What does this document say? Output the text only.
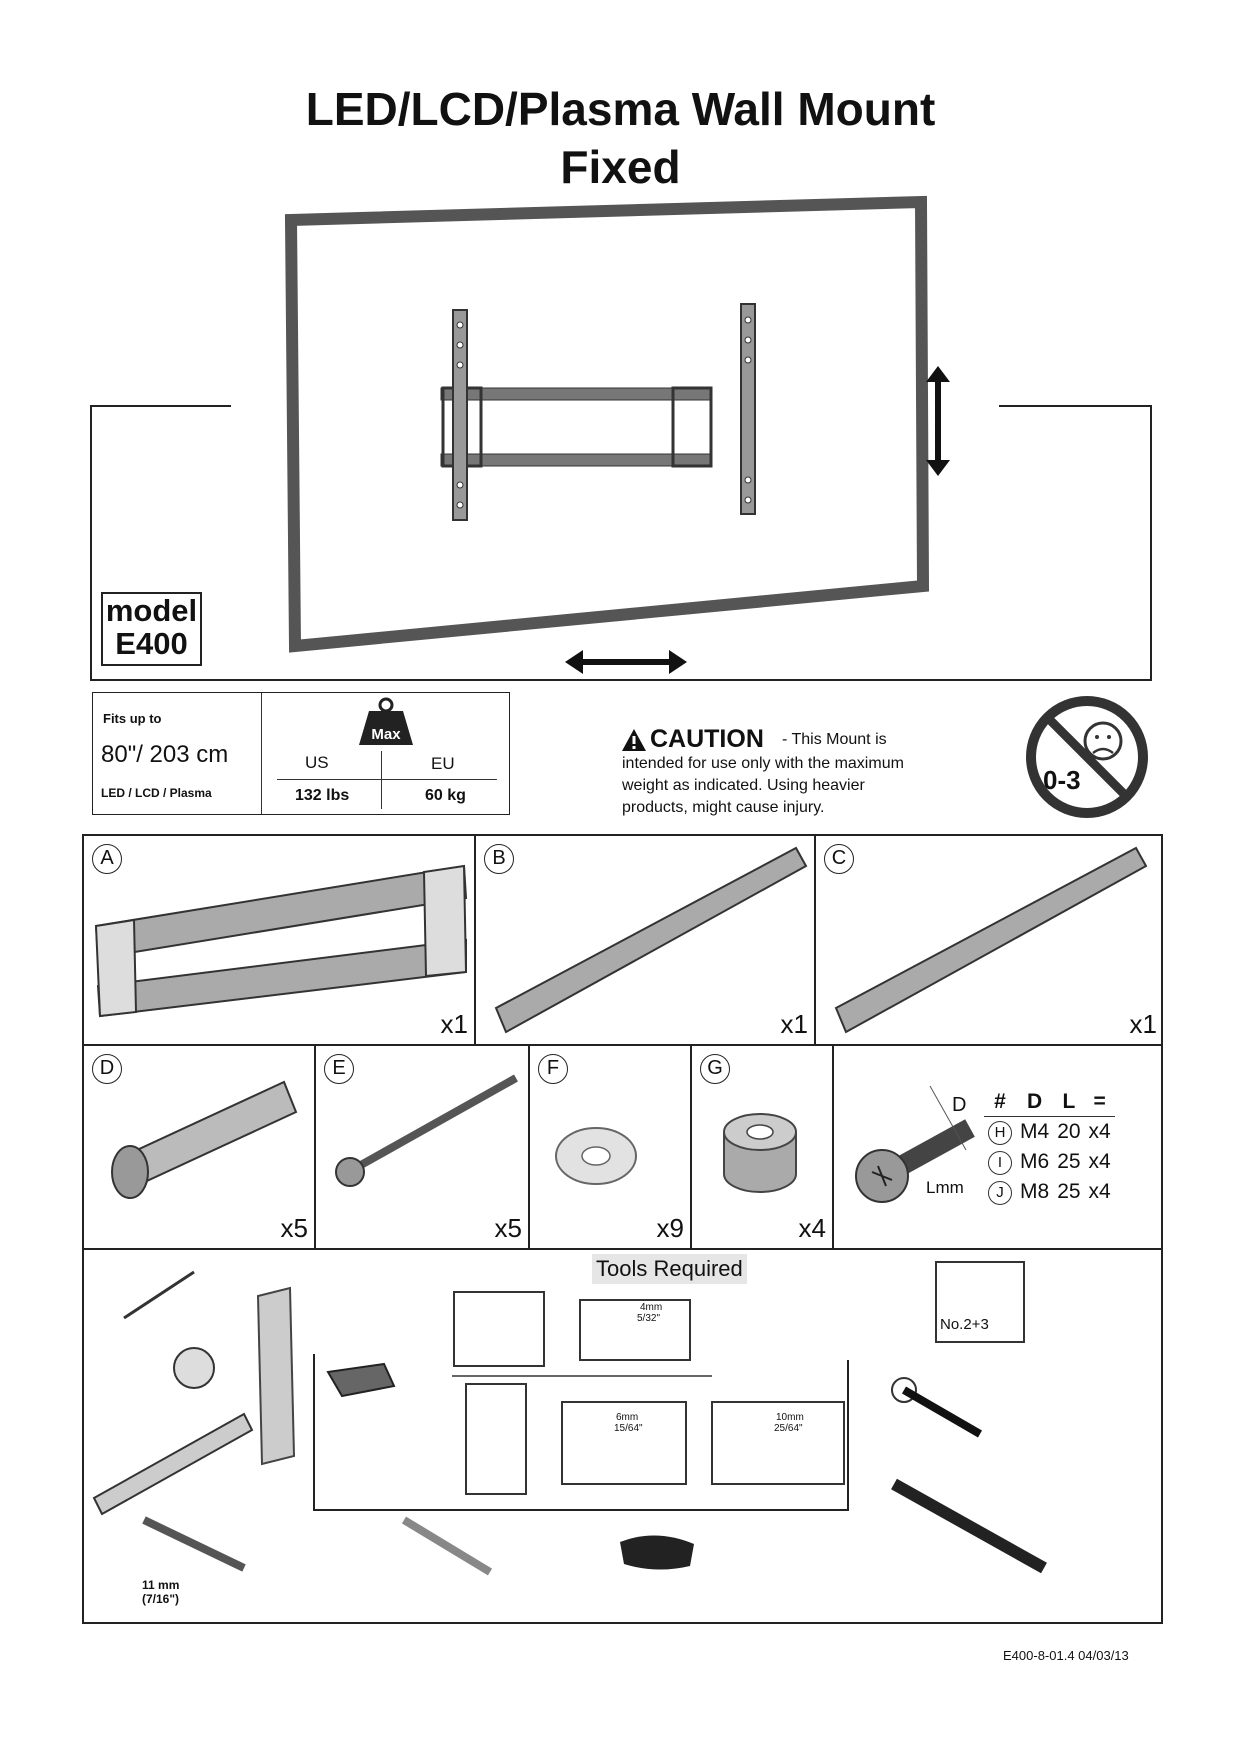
LED/LCD/Plasma Wall Mount
Fixed
model
E400
Fits up to
80"/ 203 cm
LED / LCD / Plasma
Max
US	EU
132 lbs	60 kg
CAUTION - This Mount is
intended for use only with the maximum
weight as indicated. Using heavier
products, might cause injury.
0-3
A
x1
B
x1
C
x1
D
x5
E
x5
F
x9
G
x4
D
Lmm
#	D	L	=
H	M4	20	x4
I	M6	25	x4
J	M8	25	x4
Tools Required
4mm
5/32"
6mm
15/64"
10mm
25/64"
No.2+3
11 mm
(7/16")
E400-8-01.4 04/03/13
